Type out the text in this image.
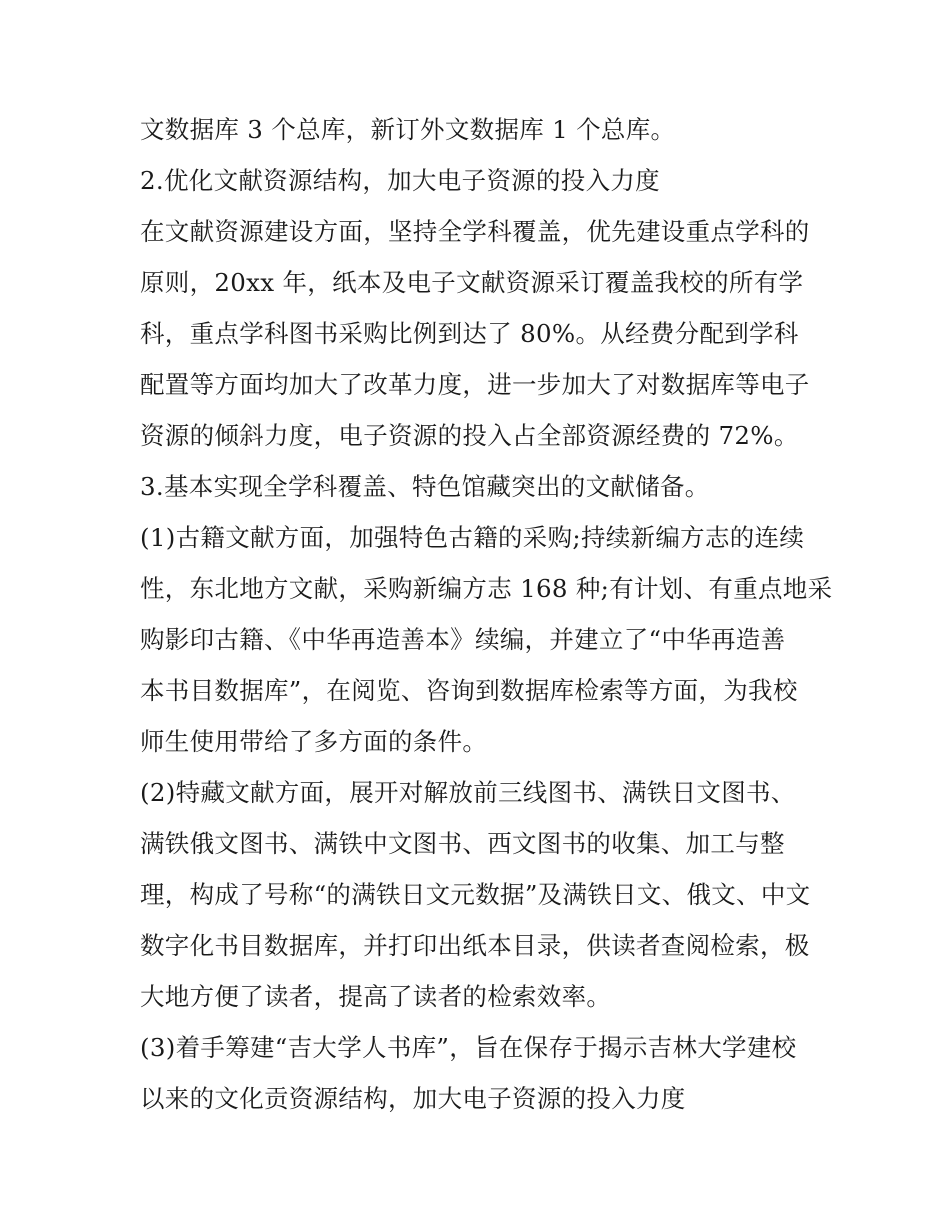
文数据库 3 个总库，新订外文数据库 1 个总库。
2.优化文献资源结构，加大电子资源的投入力度
在文献资源建设方面，坚持全学科覆盖，优先建设重点学科的
原则，20xx 年，纸本及电子文献资源采订覆盖我校的所有学
科，重点学科图书采购比例到达了 80%。从经费分配到学科
配置等方面均加大了改革力度，进一步加大了对数据库等电子
资源的倾斜力度，电子资源的投入占全部资源经费的 72%。
3.基本实现全学科覆盖、特色馆藏突出的文献储备。
(1)古籍文献方面，加强特色古籍的采购;持续新编方志的连续
性，东北地方文献，采购新编方志 168 种;有计划、有重点地采
购影印古籍、《中华再造善本》续编，并建立了“中华再造善
本书目数据库”，在阅览、咨询到数据库检索等方面，为我校
师生使用带给了多方面的条件。
(2)特藏文献方面，展开对解放前三线图书、满铁日文图书、
满铁俄文图书、满铁中文图书、西文图书的收集、加工与整
理，构成了号称“的满铁日文元数据”及满铁日文、俄文、中文
数字化书目数据库，并打印出纸本目录，供读者查阅检索，极
大地方便了读者，提高了读者的检索效率。
(3)着手筹建“吉大学人书库”，旨在保存于揭示吉林大学建校
以来的文化贡资源结构，加大电子资源的投入力度
